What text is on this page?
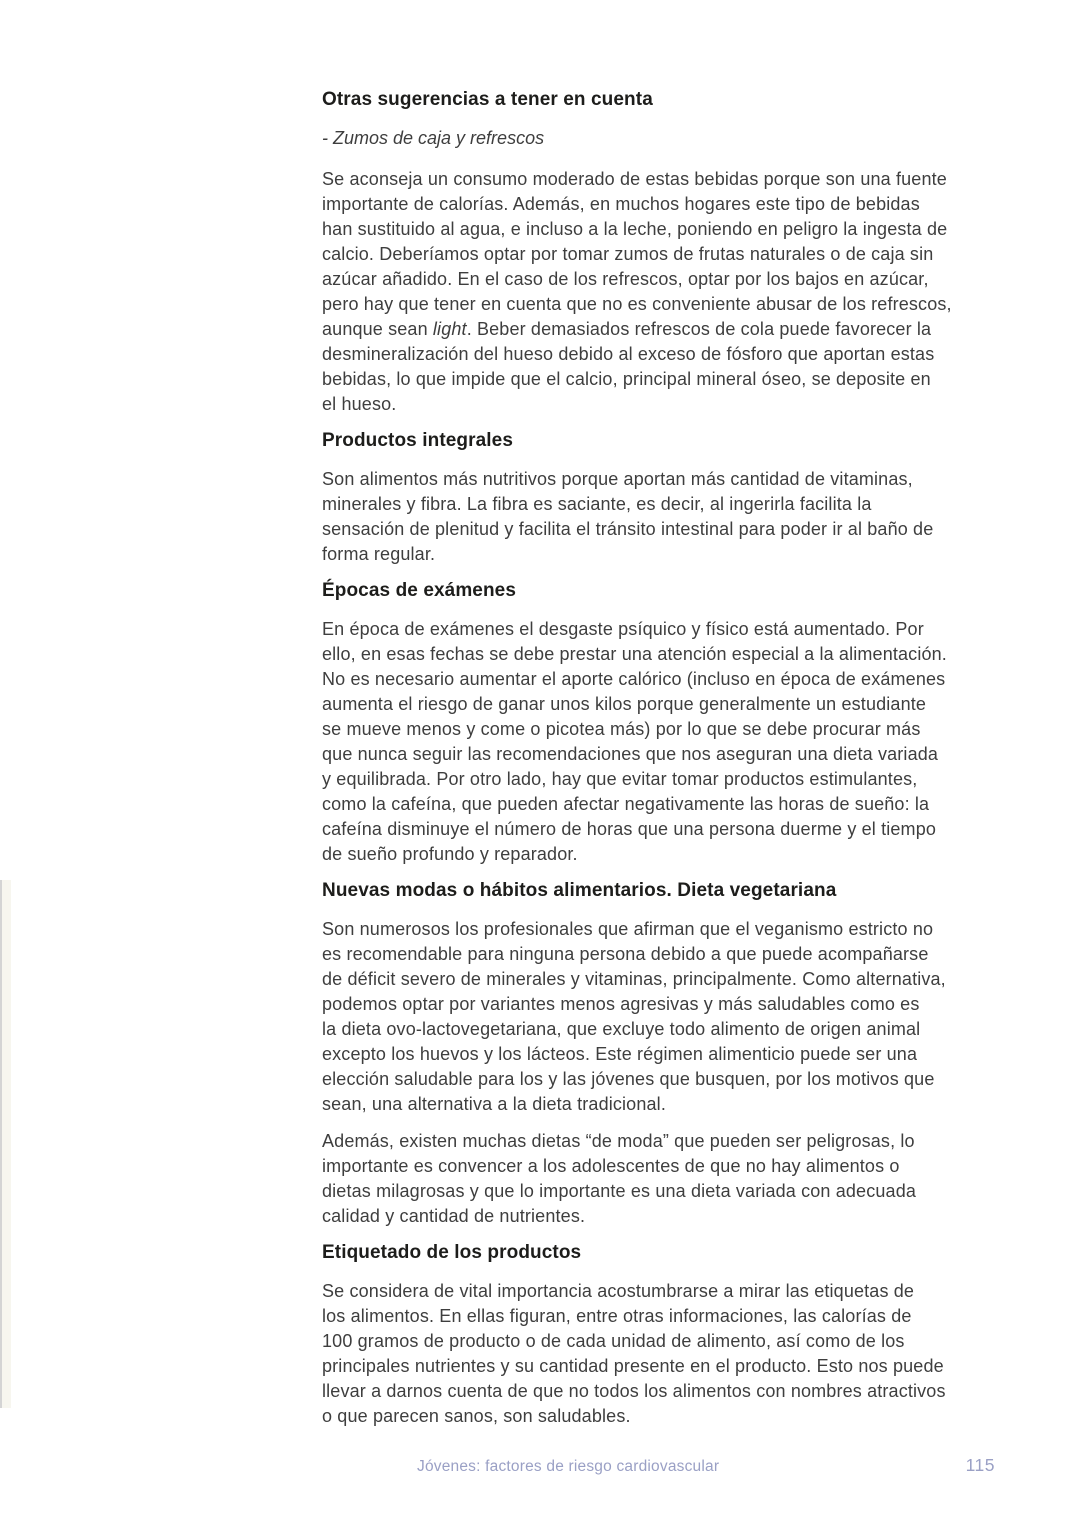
Otras sugerencias a tener en cuenta
- Zumos de caja y refrescos
Se aconseja un consumo moderado de estas bebidas porque son una fuente
importante de calorías. Además, en muchos hogares este tipo de bebidas
han sustituido al agua, e incluso a la leche, poniendo en peligro la ingesta de
calcio. Deberíamos optar por tomar zumos de frutas naturales o de caja sin
azúcar añadido. En el caso de los refrescos, optar por los bajos en azúcar,
pero hay que tener en cuenta que no es conveniente abusar de los refrescos,
aunque sean light. Beber demasiados refrescos de cola puede favorecer la
desmineralización del hueso debido al exceso de fósforo que aportan estas
bebidas, lo que impide que el calcio, principal mineral óseo, se deposite en
el hueso.
Productos integrales
Son alimentos más nutritivos porque aportan más cantidad de vitaminas,
minerales y fibra. La fibra es saciante, es decir, al ingerirla facilita la
sensación de plenitud y facilita el tránsito intestinal para poder ir al baño de
forma regular.
Épocas de exámenes
En época de exámenes el desgaste psíquico y físico está aumentado. Por
ello, en esas fechas se debe prestar una atención especial a la alimentación.
No es necesario aumentar el aporte calórico (incluso en época de exámenes
aumenta el riesgo de ganar unos kilos porque generalmente un estudiante
se mueve menos y come o picotea más) por lo que se debe procurar más
que nunca seguir las recomendaciones que nos aseguran una dieta variada
y equilibrada. Por otro lado, hay que evitar tomar productos estimulantes,
como la cafeína, que pueden afectar negativamente las horas de sueño: la
cafeína disminuye el número de horas que una persona duerme y el tiempo
de sueño profundo y reparador.
Nuevas modas o hábitos alimentarios. Dieta vegetariana
Son numerosos los profesionales que afirman que el veganismo estricto no
es recomendable para ninguna persona debido a que puede acompañarse
de déficit severo de minerales y vitaminas, principalmente. Como alternativa,
podemos optar por variantes menos agresivas y más saludables como es
la dieta ovo-lactovegetariana, que excluye todo alimento de origen animal
excepto los huevos y los lácteos. Este régimen alimenticio puede ser una
elección saludable para los y las jóvenes que busquen, por los motivos que
sean, una alternativa a la dieta tradicional.
Además, existen muchas dietas “de moda” que pueden ser peligrosas, lo
importante es convencer a los adolescentes de que no hay alimentos o
dietas milagrosas y que lo importante es una dieta variada con adecuada
calidad y cantidad de nutrientes.
Etiquetado de los productos
Se considera de vital importancia acostumbrarse a mirar las etiquetas de
los alimentos. En ellas figuran, entre otras informaciones, las calorías de
100 gramos de producto o de cada unidad de alimento, así como de los
principales nutrientes y su cantidad presente en el producto. Esto nos puede
llevar a darnos cuenta de que no todos los alimentos con nombres atractivos
o que parecen sanos, son saludables.
Jóvenes: factores de riesgo cardiovascular	115
